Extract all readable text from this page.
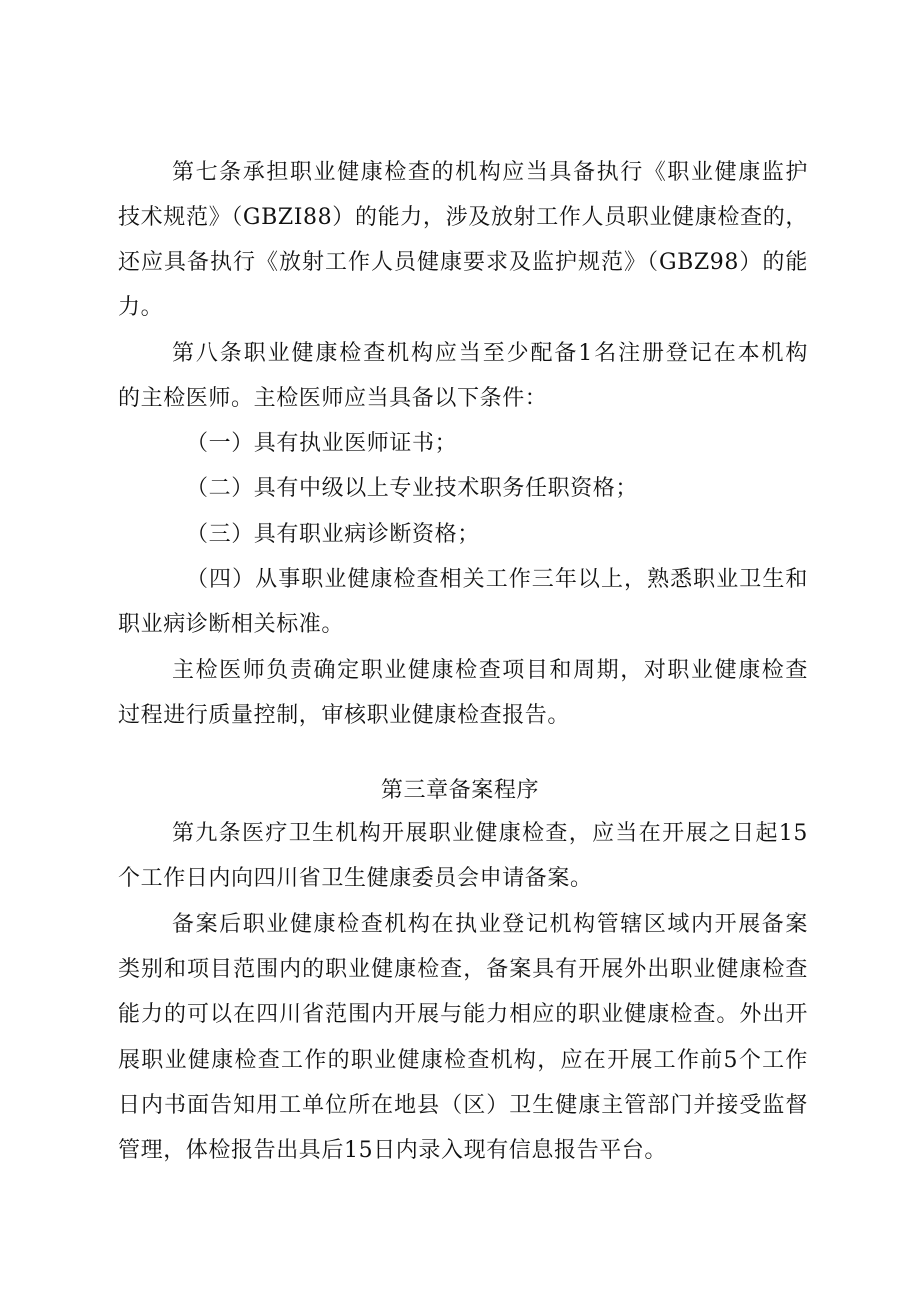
第七条承担职业健康检查的机构应当具备执行《职业健康监护
技术规范》（GBZI88）的能力，涉及放射工作人员职业健康检查的，
还应具备执行《放射工作人员健康要求及监护规范》（GBZ98）的能
力。
第八条职业健康检查机构应当至少配备1名注册登记在本机构
的主检医师。主检医师应当具备以下条件：
（一）具有执业医师证书；
（二）具有中级以上专业技术职务任职资格；
（三）具有职业病诊断资格；
（四）从事职业健康检查相关工作三年以上，熟悉职业卫生和
职业病诊断相关标准。
主检医师负责确定职业健康检查项目和周期，对职业健康检查
过程进行质量控制，审核职业健康检查报告。
第三章备案程序
第九条医疗卫生机构开展职业健康检查，应当在开展之日起15
个工作日内向四川省卫生健康委员会申请备案。
备案后职业健康检查机构在执业登记机构管辖区域内开展备案
类别和项目范围内的职业健康检查，备案具有开展外出职业健康检查
能力的可以在四川省范围内开展与能力相应的职业健康检查。外出开
展职业健康检查工作的职业健康检查机构，应在开展工作前5个工作
日内书面告知用工单位所在地县（区）卫生健康主管部门并接受监督
管理，体检报告出具后15日内录入现有信息报告平台。
